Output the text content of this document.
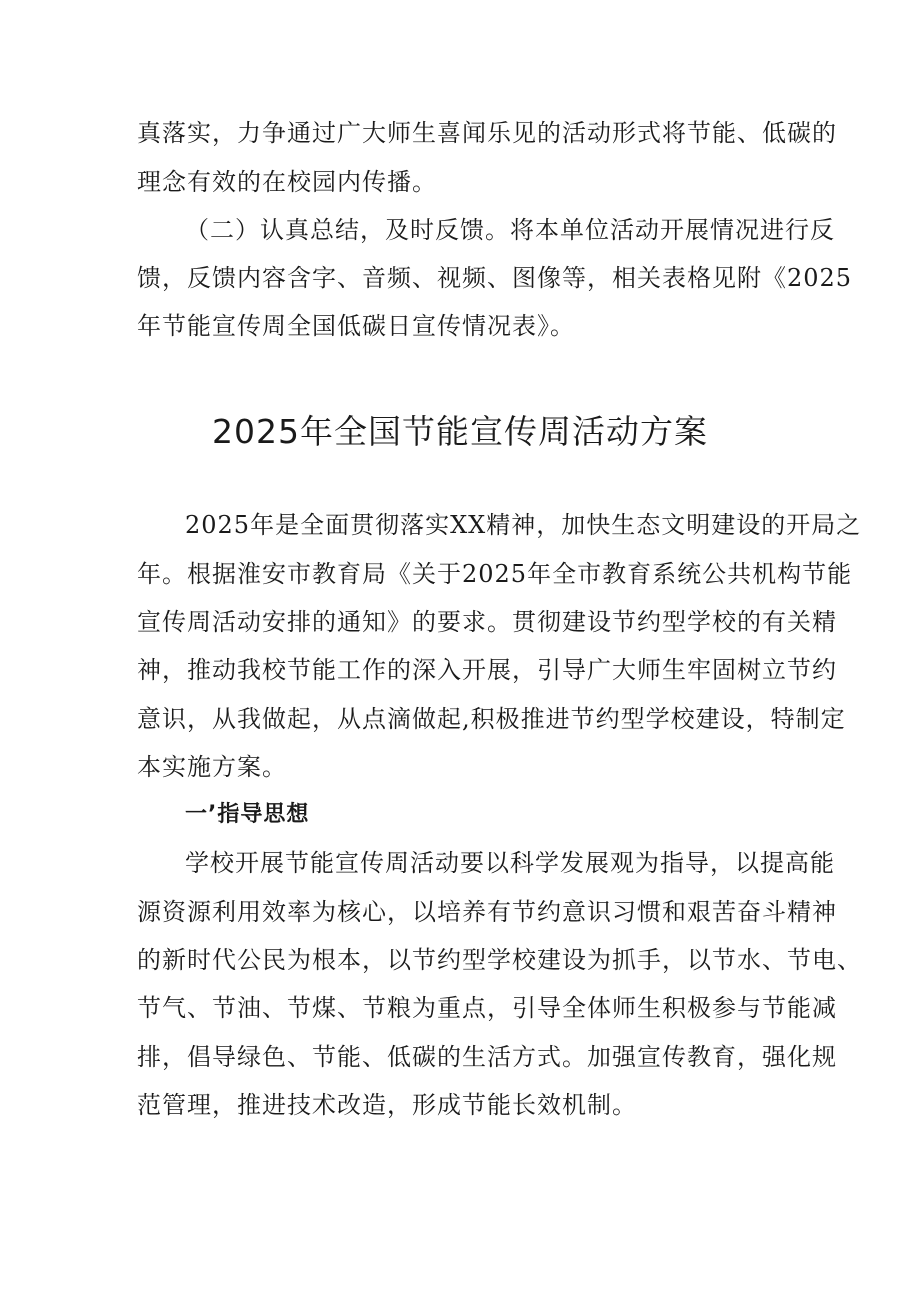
真落实，力争通过广大师生喜闻乐见的活动形式将节能、低碳的
理念有效的在校园内传播。
（二）认真总结，及时反馈。将本单位活动开展情况进行反
馈，反馈内容含字、音频、视频、图像等，相关表格见附《2025
年节能宣传周全国低碳日宣传情况表》。
2025年全国节能宣传周活动方案
2025年是全面贯彻落实XX精神，加快生态文明建设的开局之
年。根据淮安市教育局《关于2025年全市教育系统公共机构节能
宣传周活动安排的通知》的要求。贯彻建设节约型学校的有关精
神，推动我校节能工作的深入开展，引导广大师生牢固树立节约
意识，从我做起，从点滴做起,积极推进节约型学校建设，特制定
本实施方案。
一’指导思想
学校开展节能宣传周活动要以科学发展观为指导，以提高能
源资源利用效率为核心，以培养有节约意识习惯和艰苦奋斗精神
的新时代公民为根本，以节约型学校建设为抓手，以节水、节电、
节气、节油、节煤、节粮为重点，引导全体师生积极参与节能减
排，倡导绿色、节能、低碳的生活方式。加强宣传教育，强化规
范管理，推进技术改造，形成节能长效机制。
